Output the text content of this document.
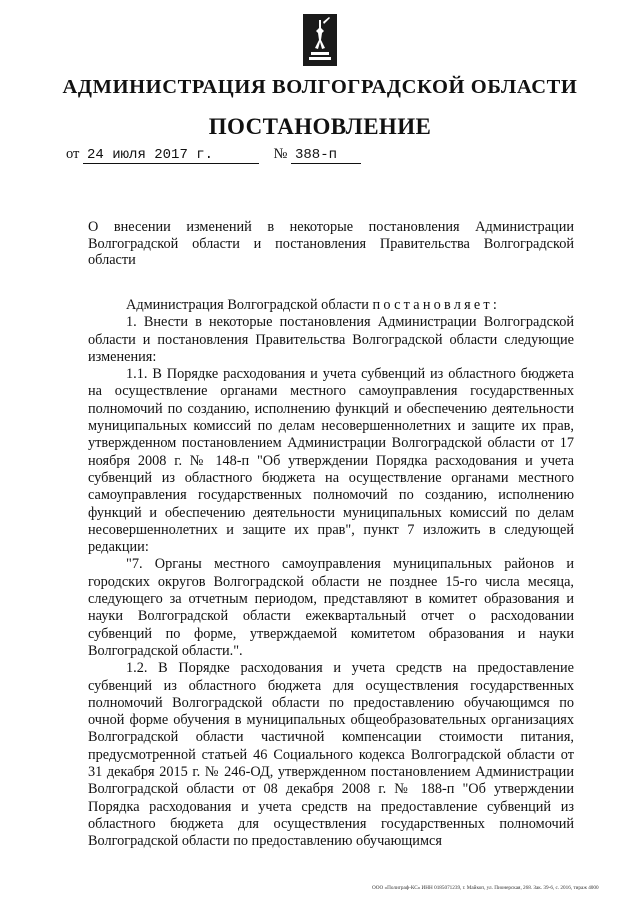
АДМИНИСТРАЦИЯ ВОЛГОГРАДСКОЙ ОБЛАСТИ
ПОСТАНОВЛЕНИЕ
от 24 июля 2017 г.	№ 388-п
О внесении изменений в некоторые постановления Администрации Волгоградской области и постановления Правительства Волгоградской области

Администрация Волгоградской области постановляет:

1. Внести в некоторые постановления Администрации Волгоградской области и постановления Правительства Волгоградской области следующие изменения:

1.1. В Порядке расходования и учета субвенций из областного бюджета на осуществление органами местного самоуправления государственных полномочий по созданию, исполнению функций и обеспечению деятельности муниципальных комиссий по делам несовершеннолетних и защите их прав, утвержденном постановлением Администрации Волгоградской области от 17 ноября 2008 г. № 148-п "Об утверждении Порядка расходования и учета субвенций из областного бюджета на осуществление органами местного самоуправления государственных полномочий по созданию, исполнению функций и обеспечению деятельности муниципальных комиссий по делам несовершеннолетних и защите их прав", пункт 7 изложить в следующей редакции:

"7. Органы местного самоуправления муниципальных районов и городских округов Волгоградской области не позднее 15-го числа месяца, следующего за отчетным периодом, представляют в комитет образования и науки Волгоградской области ежеквартальный отчет о расходовании субвенций по форме, утверждаемой комитетом образования и науки Волгоградской области.".

1.2. В Порядке расходования и учета средств на предоставление субвенций из областного бюджета для осуществления государственных полномочий Волгоградской области по предоставлению обучающимся по очной форме обучения в муниципальных общеобразовательных организациях Волгоградской области частичной компенсации стоимости питания, предусмотренной статьей 46 Социального кодекса Волгоградской области от 31 декабря 2015 г. № 246-ОД, утвержденном постановлением Администрации Волгоградской области от 08 декабря 2008 г. № 188-п "Об утверждении Порядка расходования и учета средств на предоставление субвенций из областного бюджета для осуществления государственных полномочий Волгоградской области по предоставлению обучающимся

ООО «Полиграф-КС» ИНН 0185071239, г. Майкоп, ул. Пионерская, 268. Зак. 39-6, с. 2016, тираж 4000
